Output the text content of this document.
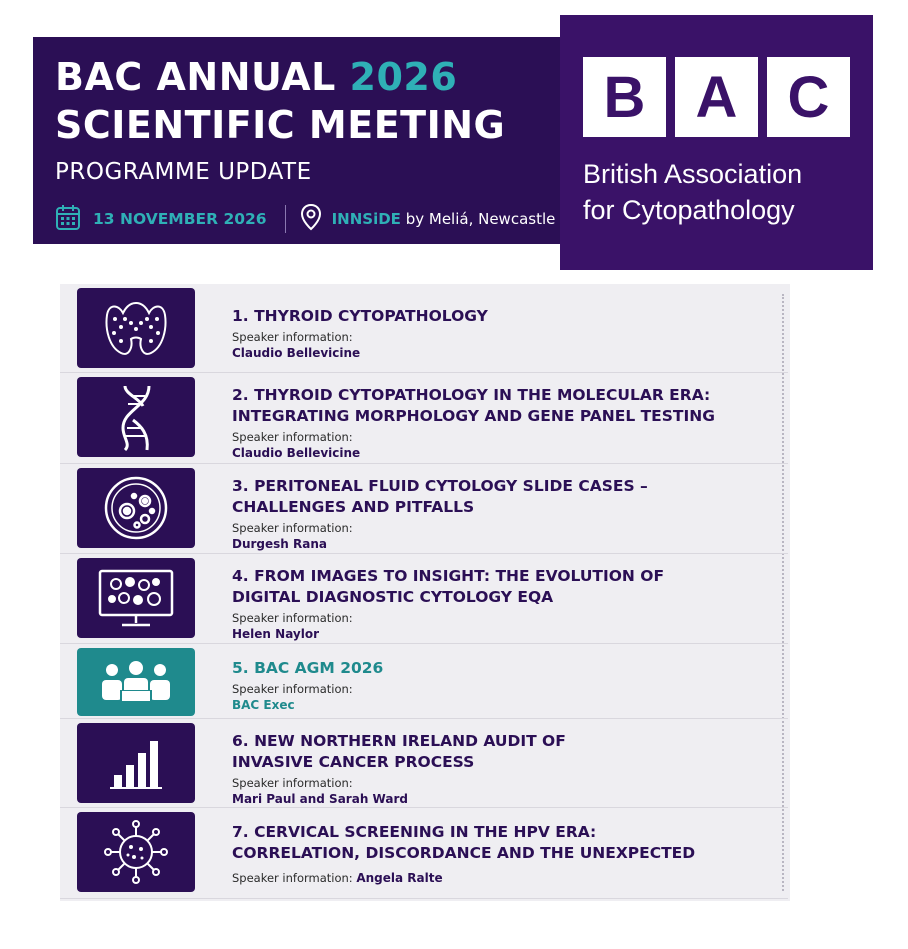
BAC ANNUAL 2026
SCIENTIFIC MEETING
PROGRAMME UPDATE
13 NOVEMBER 2026	INNSiDE by Meliá, Newcastle
B A C
British Association
for Cytopathology
1. THYROID CYTOPATHOLOGY
Speaker information:
Claudio Bellevicine
2. THYROID CYTOPATHOLOGY IN THE MOLECULAR ERA:
INTEGRATING MORPHOLOGY AND GENE PANEL TESTING
Speaker information:
Claudio Bellevicine
3. PERITONEAL FLUID CYTOLOGY SLIDE CASES –
CHALLENGES AND PITFALLS
Speaker information:
Durgesh Rana
4. FROM IMAGES TO INSIGHT: THE EVOLUTION OF
DIGITAL DIAGNOSTIC CYTOLOGY EQA
Speaker information:
Helen Naylor
5. BAC AGM 2026
Speaker information:
BAC Exec
6. NEW NORTHERN IRELAND AUDIT OF
INVASIVE CANCER PROCESS
Speaker information:
Mari Paul and Sarah Ward
7. CERVICAL SCREENING IN THE HPV ERA:
CORRELATION, DISCORDANCE AND THE UNEXPECTED
Speaker information: Angela Ralte
